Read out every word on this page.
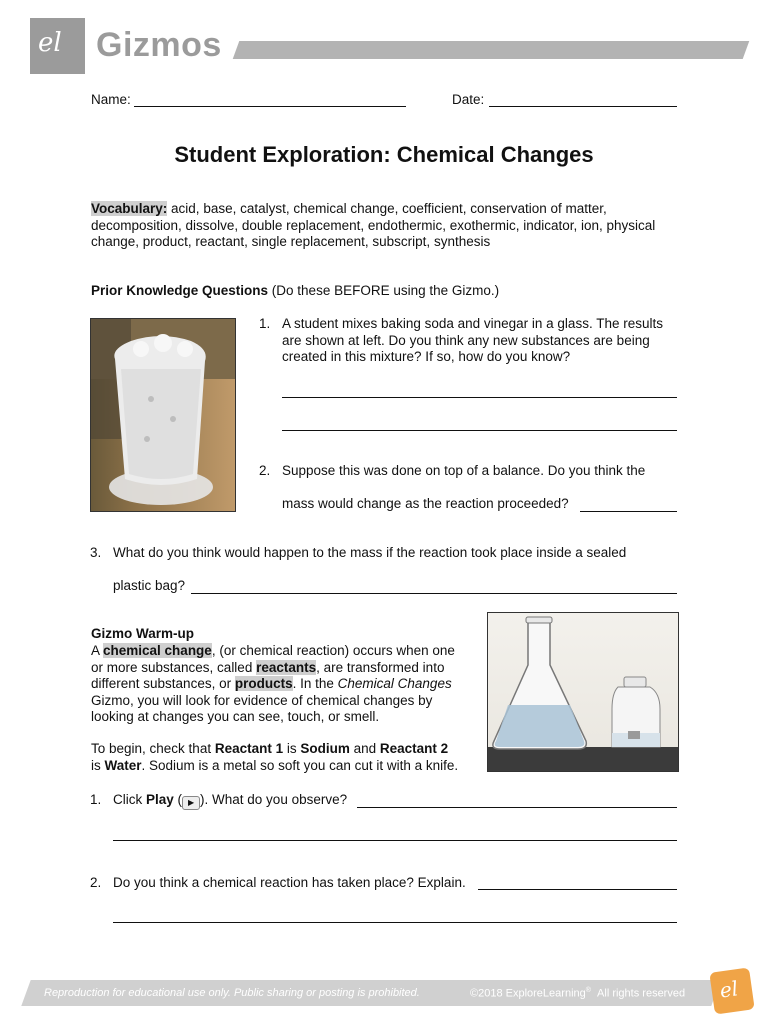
el Gizmos
Name:	Date:
Student Exploration: Chemical Changes
Vocabulary: acid, base, catalyst, chemical change, coefficient, conservation of matter,
decomposition, dissolve, double replacement, endothermic, exothermic, indicator, ion, physical
change, product, reactant, single replacement, subscript, synthesis
Prior Knowledge Questions (Do these BEFORE using the Gizmo.)
1. A student mixes baking soda and vinegar in a glass. The results
are shown at left. Do you think any new substances are being
created in this mixture? If so, how do you know?
2. Suppose this was done on top of a balance. Do you think the
mass would change as the reaction proceeded?
3. What do you think would happen to the mass if the reaction took place inside a sealed
plastic bag?
Gizmo Warm-up
A chemical change, (or chemical reaction) occurs when one
or more substances, called reactants, are transformed into
different substances, or products. In the Chemical Changes
Gizmo, you will look for evidence of chemical changes by
looking at changes you can see, touch, or smell.
To begin, check that Reactant 1 is Sodium and Reactant 2
is Water. Sodium is a metal so soft you can cut it with a knife.
1. Click Play ( ▶ ). What do you observe?
2. Do you think a chemical reaction has taken place? Explain.
Reproduction for educational use only. Public sharing or posting is prohibited.	©2018 ExploreLearning® All rights reserved el
